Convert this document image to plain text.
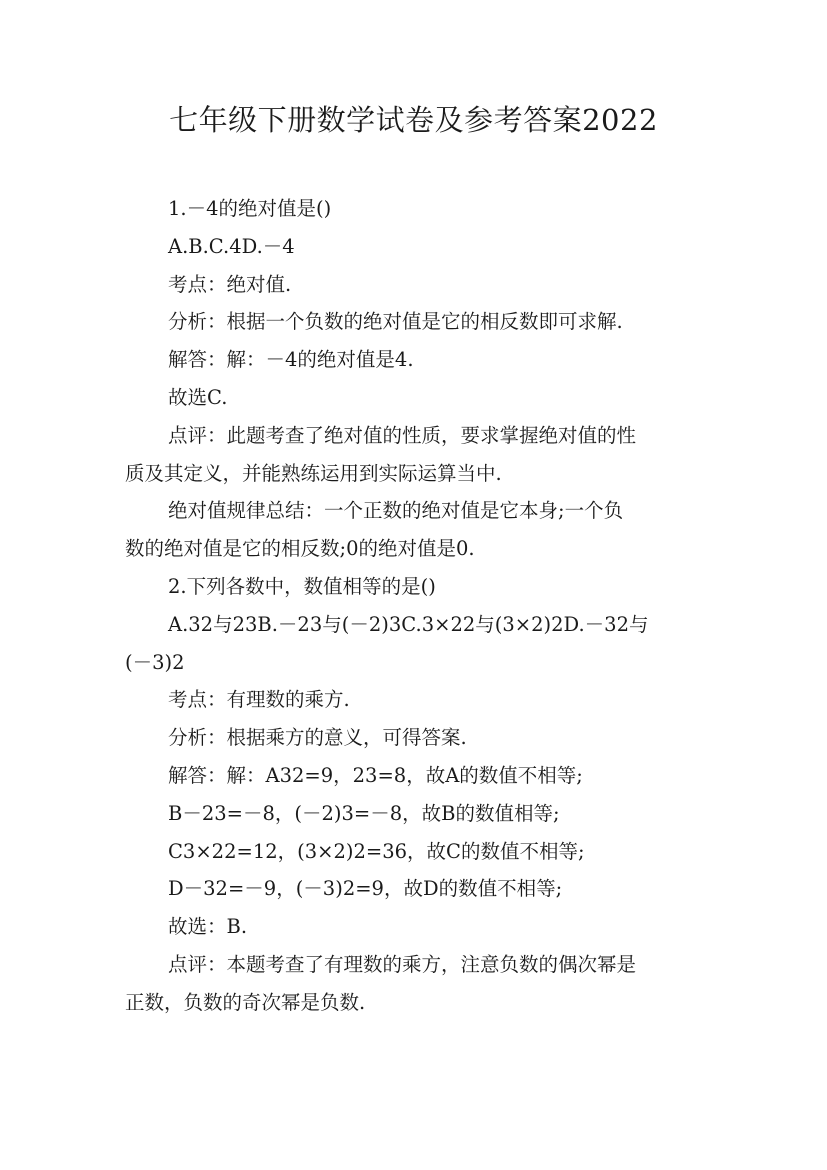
七年级下册数学试卷及参考答案2022

1.－4的绝对值是()

A.B.C.4D.－4

考点：绝对值.

分析：根据一个负数的绝对值是它的相反数即可求解.

解答：解：－4的绝对值是4.

故选C.

点评：此题考查了绝对值的性质，要求掌握绝对值的性

质及其定义，并能熟练运用到实际运算当中.

绝对值规律总结：一个正数的绝对值是它本身;一个负

数的绝对值是它的相反数;0的绝对值是0.

2.下列各数中，数值相等的是()

A.32与23B.－23与(－2)3C.3×22与(3×2)2D.－32与

(－3)2

考点：有理数的乘方.

分析：根据乘方的意义，可得答案.

解答：解：A32=9，23=8，故A的数值不相等;

B－23=－8，(－2)3=－8，故B的数值相等;

C3×22=12，(3×2)2=36，故C的数值不相等;

D－32=－9，(－3)2=9，故D的数值不相等;

故选：B.

点评：本题考查了有理数的乘方，注意负数的偶次幂是

正数，负数的奇次幂是负数.
